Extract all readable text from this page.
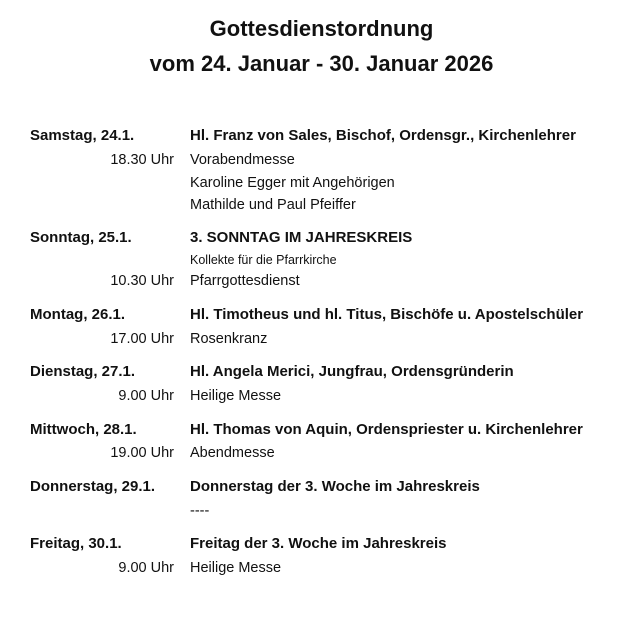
Gottesdienstordnung
vom 24. Januar - 30. Januar 2026
Samstag, 24.1.	Hl. Franz von Sales, Bischof, Ordensgr., Kirchenlehrer
18.30 Uhr Vorabendmesse
Karoline Egger mit Angehörigen
Mathilde und Paul Pfeiffer
Sonntag, 25.1.	3. SONNTAG IM JAHRESKREIS
Kollekte für die Pfarrkirche
10.30 Uhr Pfarrgottesdienst
Montag, 26.1.	Hl. Timotheus und hl. Titus, Bischöfe u. Apostelschüler
17.00 Uhr Rosenkranz
Dienstag, 27.1.	Hl. Angela Merici, Jungfrau, Ordensgründerin
9.00 Uhr Heilige Messe
Mittwoch, 28.1.	Hl. Thomas von Aquin, Ordenspriester u. Kirchenlehrer
19.00 Uhr Abendmesse
Donnerstag, 29.1. Donnerstag der 3. Woche im Jahreskreis
----
Freitag, 30.1.	Freitag der 3. Woche im Jahreskreis
9.00 Uhr Heilige Messe
